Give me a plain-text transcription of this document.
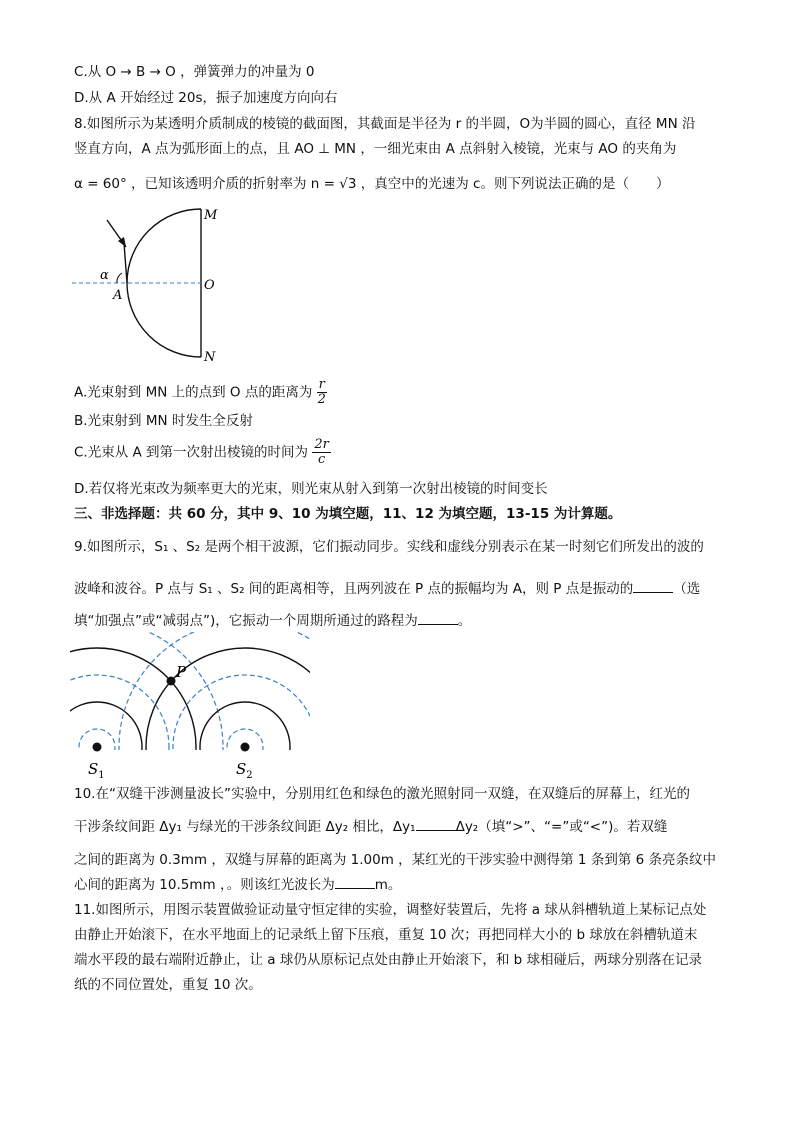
C.从 O → B → O ，弹簧弹力的冲量为 0
D.从 A 开始经过 20s，振子加速度方向向右
8.如图所示为某透明介质制成的棱镜的截面图，其截面是半径为 r 的半圆，O为半圆的圆心，直径 MN 沿
竖直方向，A 点为弧形面上的点，且 AO ⊥ MN ，一细光束由 A 点斜射入棱镜，光束与 AO 的夹角为
α = 60° ，已知该透明介质的折射率为 n = √3 ，真空中的光速为 c。则下列说法正确的是（　　）
M
O
N
A
α
A.光束射到 MN 上的点到 O 点的距离为 $\frac{r}{2}$
B.光束射到 MN 时发生全反射
C.光束从 A 到第一次射出棱镜的时间为 $\frac{2r}{c}$
D.若仅将光束改为频率更大的光束，则光束从射入到第一次射出棱镜的时间变长
三、非选择题：共 60 分，其中 9、10 为填空题，11、12 为填空题，13-15 为计算题。
9.如图所示，S₁ 、S₂ 是两个相干波源，它们振动同步。实线和虚线分别表示在某一时刻它们所发出的波的
波峰和波谷。P 点与 S₁ 、S₂ 间的距离相等，且两列波在 P 点的振幅均为 A，则 P 点是振动的	（选
填“加强点”或“减弱点”)，它振动一个周期所通过的路程为	。
P
$S_1$	$S_2$
10.在“双缝干涉测量波长”实验中，分别用红色和绿色的激光照射同一双缝，在双缝后的屏幕上，红光的
干涉条纹间距 Δy₁ 与绿光的干涉条纹间距 Δy₂ 相比，Δy₁	Δy₂（填“>”、“=”或“<”)。若双缝
之间的距离为 0.3mm ，双缝与屏幕的距离为 1.00m ，某红光的干涉实验中测得第 1 条到第 6 条亮条纹中
心间的距离为 10.5mm ，。则该红光波长为	m。
11.如图所示，用图示装置做验证动量守恒定律的实验，调整好装置后，先将 a 球从斜槽轨道上某标记点处
由静止开始滚下，在水平地面上的记录纸上留下压痕，重复 10 次；再把同样大小的 b 球放在斜槽轨道末
端水平段的最右端附近静止，让 a 球仍从原标记点处由静止开始滚下，和 b 球相碰后，两球分别落在记录
纸的不同位置处，重复 10 次。
